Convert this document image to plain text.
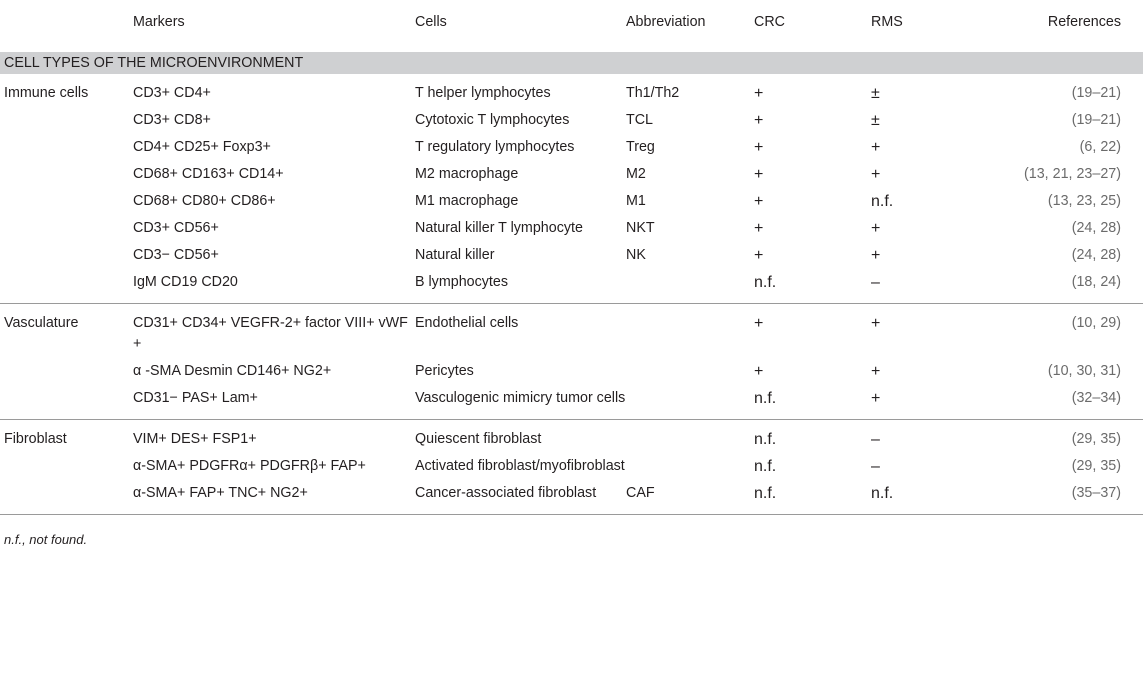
	Markers	Cells	Abbreviation	CRC	RMS	References
CELL TYPES OF THE MICROENVIRONMENT						
Immune cells	CD3+ CD4+	T helper lymphocytes	Th1/Th2	+	±	(19–21)
	CD3+ CD8+	Cytotoxic T lymphocytes	TCL	+	±	(19–21)
	CD4+ CD25+ Foxp3+	T regulatory lymphocytes	Treg	+	+	(6, 22)
	CD68+ CD163+ CD14+	M2 macrophage	M2	+	+	(13, 21, 23–27)
	CD68+ CD80+ CD86+	M1 macrophage	M1	+	n.f.	(13, 23, 25)
	CD3+ CD56+	Natural killer T lymphocyte	NKT	+	+	(24, 28)
	CD3− CD56+	Natural killer	NK	+	+	(24, 28)
	IgM CD19 CD20	B lymphocytes		n.f.	–	(18, 24)
Vasculature	CD31+ CD34+ VEGFR-2+ factor VIII+ vWF +	Endothelial cells		+	+	(10, 29)
	α -SMA Desmin CD146+ NG2+	Pericytes		+	+	(10, 30, 31)
	CD31− PAS+ Lam+	Vasculogenic mimicry tumor cells		n.f.	+	(32–34)
Fibroblast	VIM+ DES+ FSP1+	Quiescent fibroblast		n.f.	–	(29, 35)
	α-SMA+ PDGFRα+ PDGFRβ+ FAP+	Activated fibroblast/myofibroblast		n.f.	–	(29, 35)
	α-SMA+ FAP+ TNC+ NG2+	Cancer-associated fibroblast	CAF	n.f.	n.f.	(35–37)
n.f., not found.						
